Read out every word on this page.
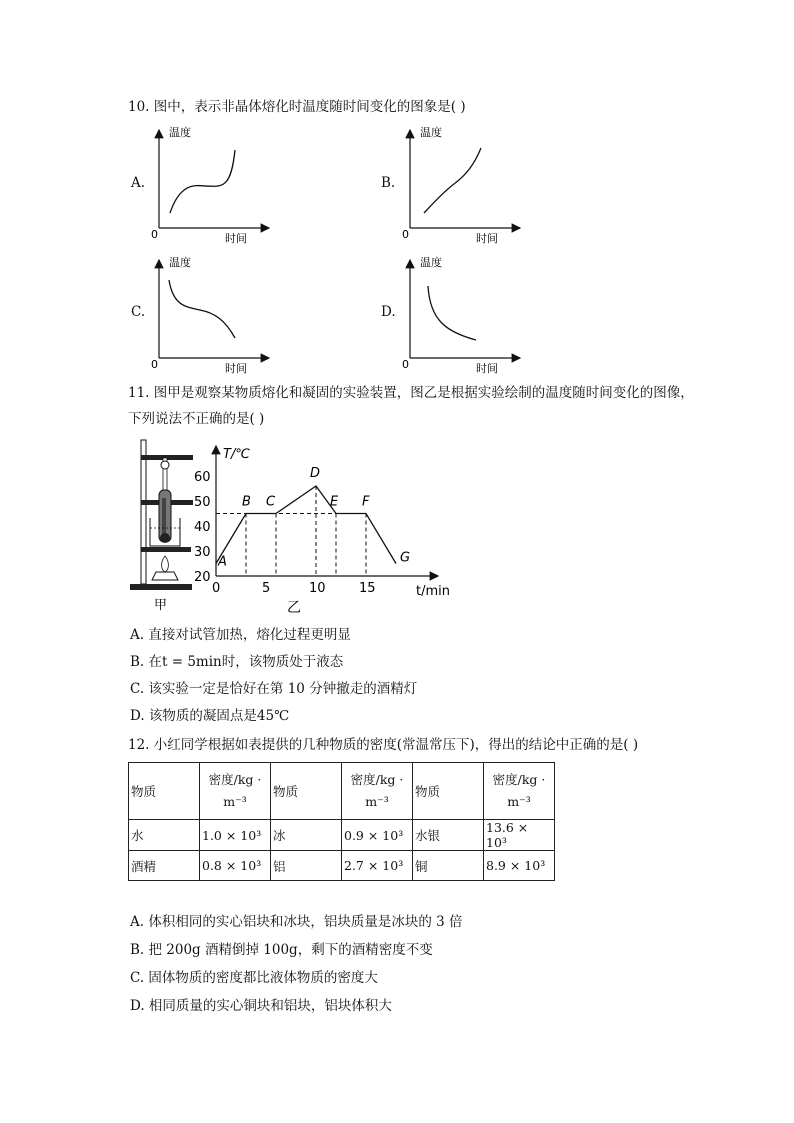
10. 图中，表示非晶体熔化时温度随时间变化的图象是( )
A.
温度
时间
0
B.
温度
时间
0
C.
温度
时间
0
D.
温度
时间
0
11. 图甲是观察某物质熔化和凝固的实验装置，图乙是根据实验绘制的温度随时间变化的图像，
下列说法不正确的是( )
甲
T/℃
t/min
乙
20
30
40
50
60
0	5	10	15
A
B C
D
E F
G
A. 直接对试管加热，熔化过程更明显
B. 在t = 5min时，该物质处于液态
C. 该实验一定是恰好在第 10 分钟撤走的酒精灯
D. 该物质的凝固点是45℃
12. 小红同学根据如表提供的几种物质的密度(常温常压下)，得出的结论中正确的是( )
物质	密度/kg · m⁻³	物质	密度/kg · m⁻³	物质	密度/kg · m⁻³
水	1.0 × 10³	冰	0.9 × 10³	水银	13.6 × 10³
酒精	0.8 × 10³	铝	2.7 × 10³	铜	8.9 × 10³
A. 体积相同的实心铝块和冰块，铝块质量是冰块的 3 倍
B. 把 200g 酒精倒掉 100g，剩下的酒精密度不变
C. 固体物质的密度都比液体物质的密度大
D. 相同质量的实心铜块和铝块，铝块体积大
